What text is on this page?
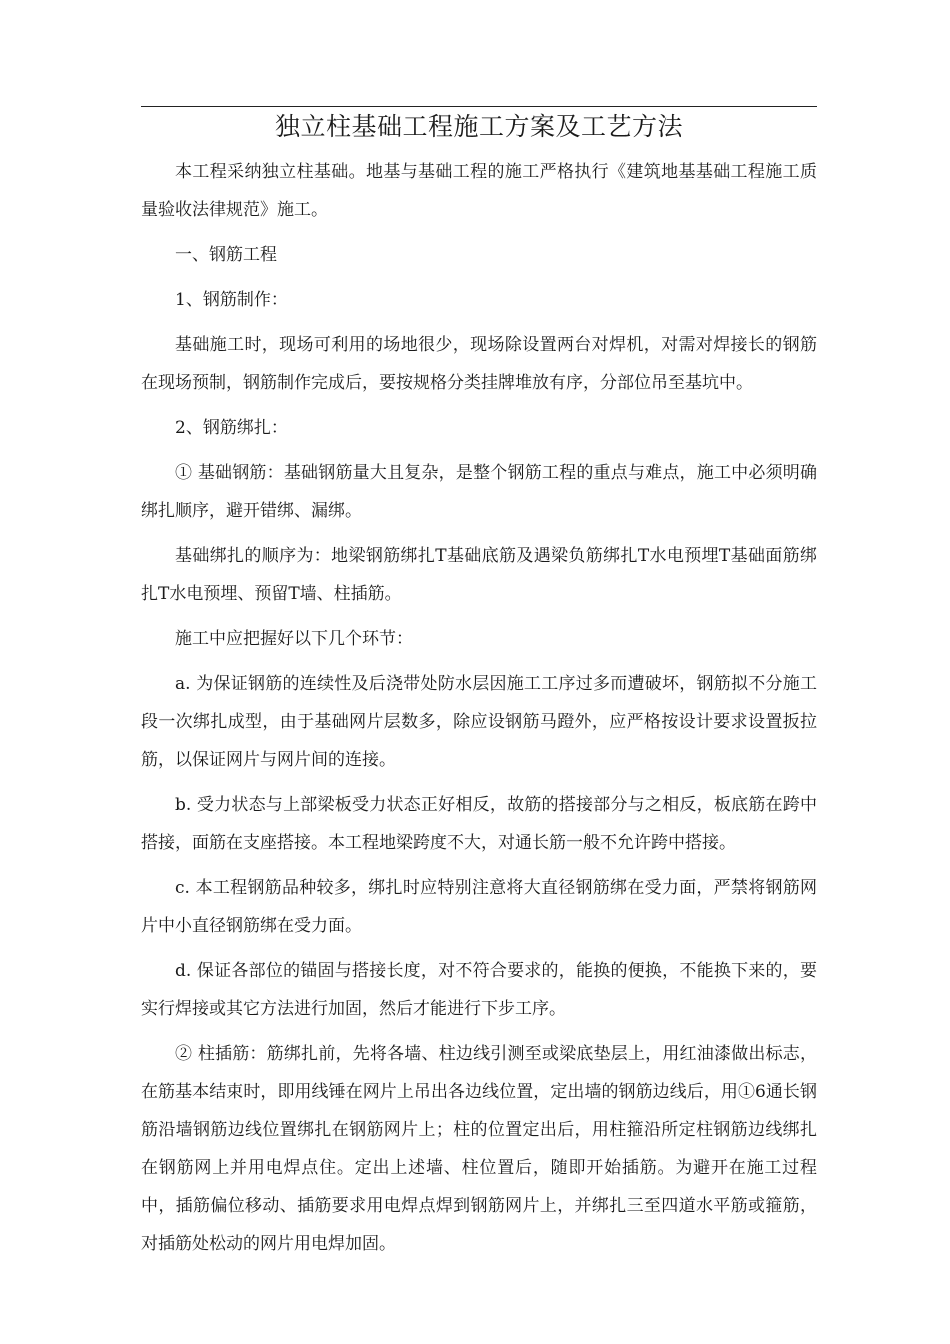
独立柱基础工程施工方案及工艺方法

本工程采纳独立柱基础。地基与基础工程的施工严格执行《建筑地基基础工程施工质量验收法律规范》施工。

一、钢筋工程

1、钢筋制作：

基础施工时，现场可利用的场地很少，现场除设置两台对焊机，对需对焊接长的钢筋在现场预制，钢筋制作完成后，要按规格分类挂牌堆放有序，分部位吊至基坑中。

2、钢筋绑扎：

① 基础钢筋：基础钢筋量大且复杂，是整个钢筋工程的重点与难点，施工中必须明确绑扎顺序，避开错绑、漏绑。

基础绑扎的顺序为：地梁钢筋绑扎T基础底筋及遇梁负筋绑扎T水电预埋T基础面筋绑扎T水电预埋、预留T墙、柱插筋。

施工中应把握好以下几个环节：

a. 为保证钢筋的连续性及后浇带处防水层因施工工序过多而遭破坏，钢筋拟不分施工段一次绑扎成型，由于基础网片层数多，除应设钢筋马蹬外，应严格按设计要求设置扳拉筋，以保证网片与网片间的连接。

b. 受力状态与上部梁板受力状态正好相反，故筋的搭接部分与之相反，板底筋在跨中搭接，面筋在支座搭接。本工程地梁跨度不大，对通长筋一般不允许跨中搭接。

c. 本工程钢筋品种较多，绑扎时应特别注意将大直径钢筋绑在受力面，严禁将钢筋网片中小直径钢筋绑在受力面。

d. 保证各部位的锚固与搭接长度，对不符合要求的，能换的便换，不能换下来的，要实行焊接或其它方法进行加固，然后才能进行下步工序。

② 柱插筋：筋绑扎前，先将各墙、柱边线引测至或梁底垫层上，用红油漆做出标志，在筋基本结束时，即用线锤在网片上吊出各边线位置，定出墙的钢筋边线后，用①6通长钢筋沿墙钢筋边线位置绑扎在钢筋网片上；柱的位置定出后，用柱箍沿所定柱钢筋边线绑扎在钢筋网上并用电焊点住。定出上述墙、柱位置后，随即开始插筋。为避开在施工过程中，插筋偏位移动、插筋要求用电焊点焊到钢筋网片上，并绑扎三至四道水平筋或箍筋，对插筋处松动的网片用电焊加固。
